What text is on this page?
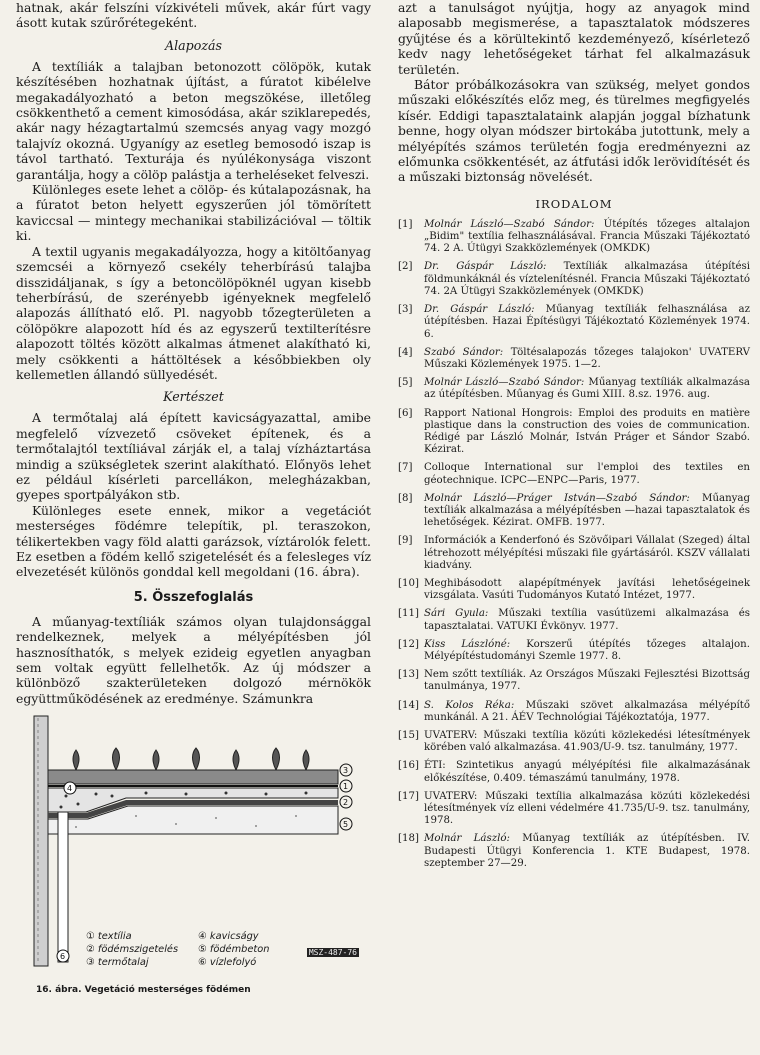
hatnak, akár felszíni vízkivételi művek, akár fúrt vagy ásott kutak szűrőrétegeként.

Alapozás

A textíliák a talajban betonozott cölöpök, kutak készítésében hozhatnak újítást, a fúratot kibélelve megakadályozható a beton megszökése, illetőleg csökkenthető a cement kimosódása, akár sziklarepedés, akár nagy hézagtartalmú szemcsés anyag vagy mozgó talajvíz okozná. Ugyanígy az esetleg bemosodó iszap is távol tartható. Texturája és nyúlékonysága viszont garantálja, hogy a cölöp palástja a terheléseket felveszi.

Különleges esete lehet a cölöp- és kútalapozásnak, ha a fúratot beton helyett egyszerűen jól tömörített kaviccsal — mintegy mechanikai stabilizációval — töltik ki.

A textil ugyanis megakadályozza, hogy a kitöltőanyag szemcséi a környező csekély teherbírású talajba disszidáljanak, s így a betoncölöpöknél ugyan kisebb teherbírású, de szerényebb igényeknek megfelelő alapozás állítható elő. Pl. nagyobb tőzegterületen a cölöpökre alapozott híd és az egyszerű textilterítésre alapozott töltés között alkalmas átmenet alakítható ki, mely csökkenti a háttöltések a későbbiekben oly kellemetlen állandó süllyedését.

Kertészet

A termőtalaj alá épített kavicságyazattal, amibe megfelelő vízvezető csöveket építenek, és a termőtalajtól textíliával zárják el, a talaj vízháztartása mindig a szükségletek szerint alakítható. Előnyös lehet ez például kísérleti parcellákon, melegházakban, gyepes sportpályákon stb.

Különleges esete ennek, mikor a vegetációt mesterséges födémre telepítik, pl. teraszokon, télikertekben vagy föld alatti garázsok, víztárolók felett. Ez esetben a födém kellő szigetelését és a felesleges víz elvezetését különös gonddal kell megoldani (16. ábra).

5. Összefoglalás

A műanyag-textíliák számos olyan tulajdonsággal rendelkeznek, melyek a mélyépítésben jól hasznosíthatók, s melyek ezideig egyetlen anyagban sem voltak együtt fellelhetők. Az új módszer a különböző szakterületeken dolgozó mérnökök együttműködésének az eredménye. Számunkra

3
1
2
5
4
6
① textília	④ kavicságy
② födémszigetelés	⑤ födémbeton
③ termőtalaj	⑥ vízlefolyó
MSZ-487-76
16. ábra. Vegetáció mesterséges födémen

azt a tanulságot nyújtja, hogy az anyagok mind alaposabb megismerése, a tapasztalatok módszeres gyűjtése és a körültekintő kezdeményező, kísérletező kedv nagy lehetőségeket tárhat fel alkalmazásuk területén.

Bátor próbálkozásokra van szükség, melyet gondos műszaki előkészítés előz meg, és türelmes megfigyelés kísér. Eddigi tapasztalataink alapján joggal bízhatunk benne, hogy olyan módszer birtokába jutottunk, mely a mélyépítés számos területén fogja eredményezni az előmunka csökkentését, az átfutási idők lerövidítését és a műszaki biztonság növelését.

IRODALOM
[1]	Molnár László—Szabó Sándor: Útépítés tőzeges altalajon „Bidim" textília felhasználásával. Francia Műszaki Tájékoztató 74. 2 A. Útügyi Szakközlemények (OMKDK)
[2]	Dr. Gáspár László: Textíliák alkalmazása útépítési földmunkáknál és víztelenítésnél. Francia Műszaki Tájékoztató 74. 2A Útügyi Szakközlemények (OMKDK)
[3]	Dr. Gáspár László: Műanyag textíliák felhasználása az útépítésben. Hazai Építésügyi Tájékoztató Közlemények 1974. 6.
[4]	Szabó Sándor: Töltésalapozás tőzeges talajokon' UVATERV Műszaki Közlemények 1975. 1—2.
[5]	Molnár László—Szabó Sándor: Műanyag textíliák alkalmazása az útépítésben. Műanyag és Gumi XIII. 8.sz. 1976. aug.
[6]	Rapport National Hongrois: Emploi des produits en matière plastique dans la construction des voies de communication. Rédigé par László Molnár, István Práger et Sándor Szabó. Kézirat.
[7]	Colloque International sur l'emploi des textiles en géotechnique. ICPC—ENPC—Paris, 1977.
[8]	Molnár László—Práger István—Szabó Sándor: Műanyag textíliák alkalmazása a mélyépítésben —hazai tapasztalatok és lehetőségek. Kézirat. OMFB. 1977.
[9]	Információk a Kenderfonó és Szövőipari Vállalat (Szeged) által létrehozott mélyépítési műszaki file gyártásáról. KSZV vállalati kiadvány.
[10] Meghibásodott alapépítmények javítási lehetőségeinek vizsgálata. Vasúti Tudományos Kutató Intézet, 1977.
[11] Sári Gyula: Műszaki textília vasútüzemi alkalmazása és tapasztalatai. VATUKI Évkönyv. 1977.
[12] Kiss Lászlóné: Korszerű útépítés tőzeges altalajon. Mélyépítéstudományi Szemle 1977. 8.
[13] Nem szőtt textíliák. Az Országos Műszaki Fejlesztési Bizottság tanulmánya, 1977.
[14] S. Kolos Réka: Műszaki szövet alkalmazása mélyépítő munkánál. A 21. ÁÉV Technológiai Tájékoztatója, 1977.
[15] UVATERV: Műszaki textília közúti közlekedési létesítmények körében való alkalmazása. 41.903/U-9. tsz. tanulmány, 1977.
[16] ÉTI: Szintetikus anyagú mélyépítési file alkalmazásának előkészítése, 0.409. témaszámú tanulmány, 1978.
[17] UVATERV: Műszaki textília alkalmazása közúti közlekedési létesítmények víz elleni védelmére 41.735/U-9. tsz. tanulmány, 1978.
[18] Molnár László: Műanyag textíliák az útépítésben. IV. Budapesti Útügyi Konferencia 1. KTE Budapest, 1978. szeptember 27—29.
